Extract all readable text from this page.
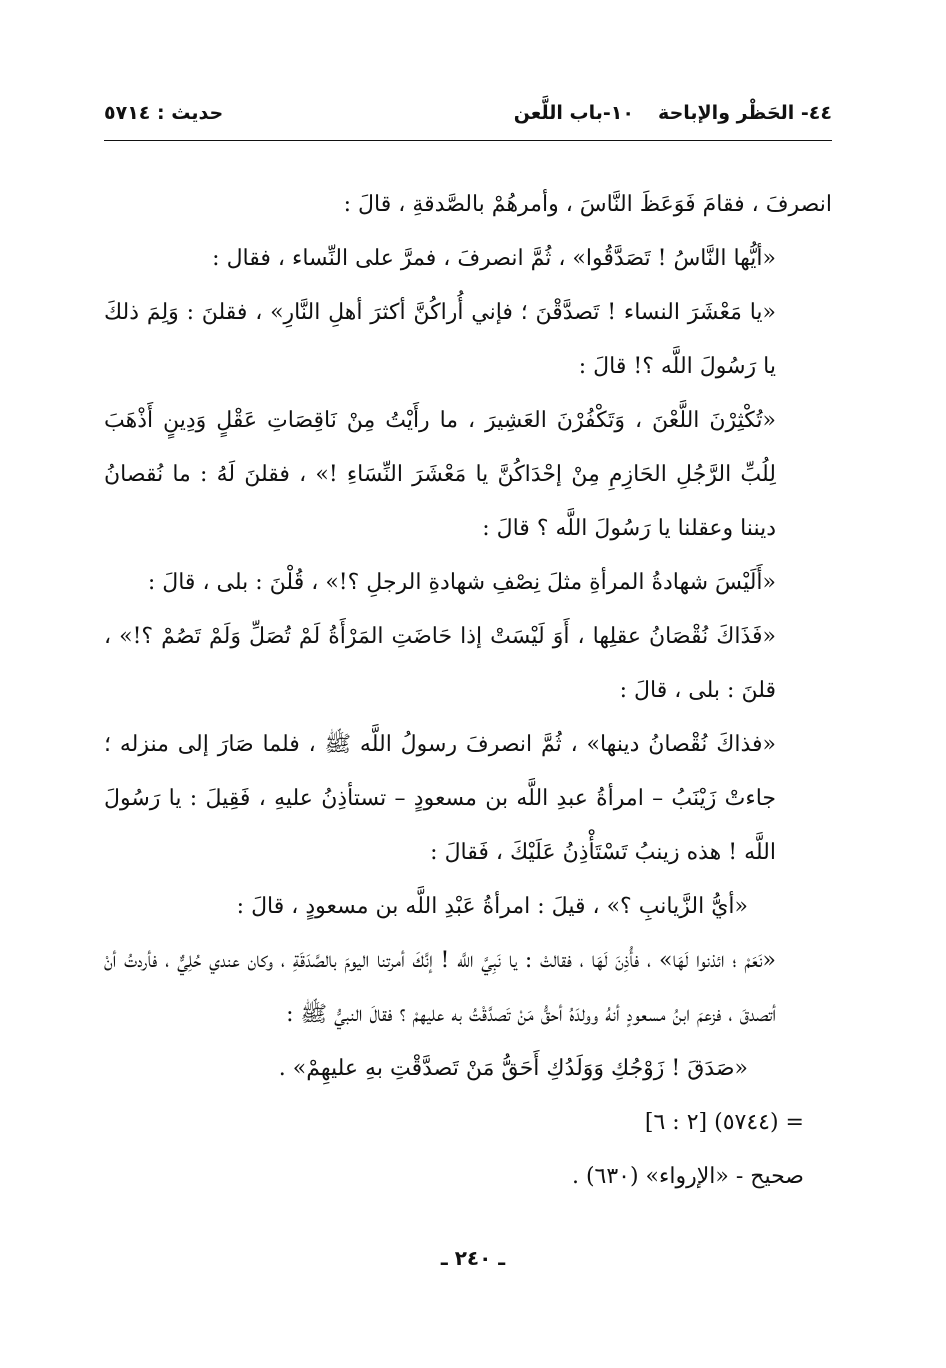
٤٤- الحَظْر والإباحة
١٠-باب اللَّعن
حديث : ٥٧١٤

انصرفَ ، فقامَ فَوَعَظَ النَّاسَ ، وأمرهُمْ بالصَّدقةِ ، قالَ :

«أيُّها النَّاسُ ! تَصَدَّقُوا» ، ثُمَّ انصرفَ ، فمرَّ على النِّساء ، فقال :

«يا مَعْشَرَ النساء ! تَصدَّقْنَ ؛ فإني أُراكُنَّ أكثرَ أهلِ النَّارِ» ، فقلنَ : وَلِمَ ذلكَ يا رَسُولَ اللَّه ؟! قالَ :

«تُكْثِرْنَ اللَّعْنَ ، وَتَكْفُرْنَ العَشِيرَ ، ما رأَيْتُ مِنْ نَاقِصَاتِ عَقْلٍ وَدِينٍ أَذْهَبَ لِلُبِّ الرَّجُلِ الحَازِمِ مِنْ إحْدَاكُنَّ يا مَعْشَرَ النِّسَاءِ !» ، فقلنَ لَهُ : ما نُقصانُ ديننا وعقلنا يا رَسُولَ اللَّه ؟ قالَ :

«أَلَيْسَ شهادةُ المرأةِ مثلَ نِصْفِ شهادةِ الرجلِ ؟!» ، قُلْنَ : بلى ، قالَ :

«فَذَاكَ نُقْصَانُ عقلِها ، أَوَ لَيْسَتْ إذا حَاضَتِ المَرْأَةُ لَمْ تُصَلِّ وَلَمْ تَصُمْ ؟!» ، قلنَ : بلى ، قالَ :

«فذاكَ نُقْصانُ دينها» ، ثُمَّ انصرفَ رسولُ اللَّه ﷺ ، فلما صَارَ إلى منزله ؛ جاءتْ زَيْنَبُ – امرأةُ عبدِ اللَّه بن مسعودٍ – تستأذِنُ عليهِ ، فَقِيلَ : يا رَسُولَ اللَّه ! هذه زينبُ تَسْتَأْذِنُ عَلَيْكَ ، فَقالَ :

«أيُّ الزَّيانبِ ؟» ، قيلَ : امرأةُ عَبْدِ اللَّه بن مسعودٍ ، قالَ :

«نَعَمْ ؛ ائذنوا لَهَا» ، فأُذِنَ لَهَا ، فقالتْ : يا نَبِيَّ اللَّه ! إنَّكَ أمرتنا اليومَ بالصَّدَقَةِ ، وكان عندي حُلِيٌّ ، فأردتُ أنْ أتصدقَ ، فزعمَ ابنُ مسعودٍ أنهُ وولدَهُ أحقُّ مَنْ تَصدَّقْتُ به عليهمْ ؟ فقالَ النبيُّ ﷺ :

«صَدَقَ ! زَوْجُكِ وَوَلَدُكِ أَحَقُّ مَنْ تَصدَّقْتِ بهِ عليهِمْ» .

= (٥٧٤٤) [٢ : ٦]

صحيح - «الإرواء» (٦٣٠) .

ـ ٢٤٠ ـ
